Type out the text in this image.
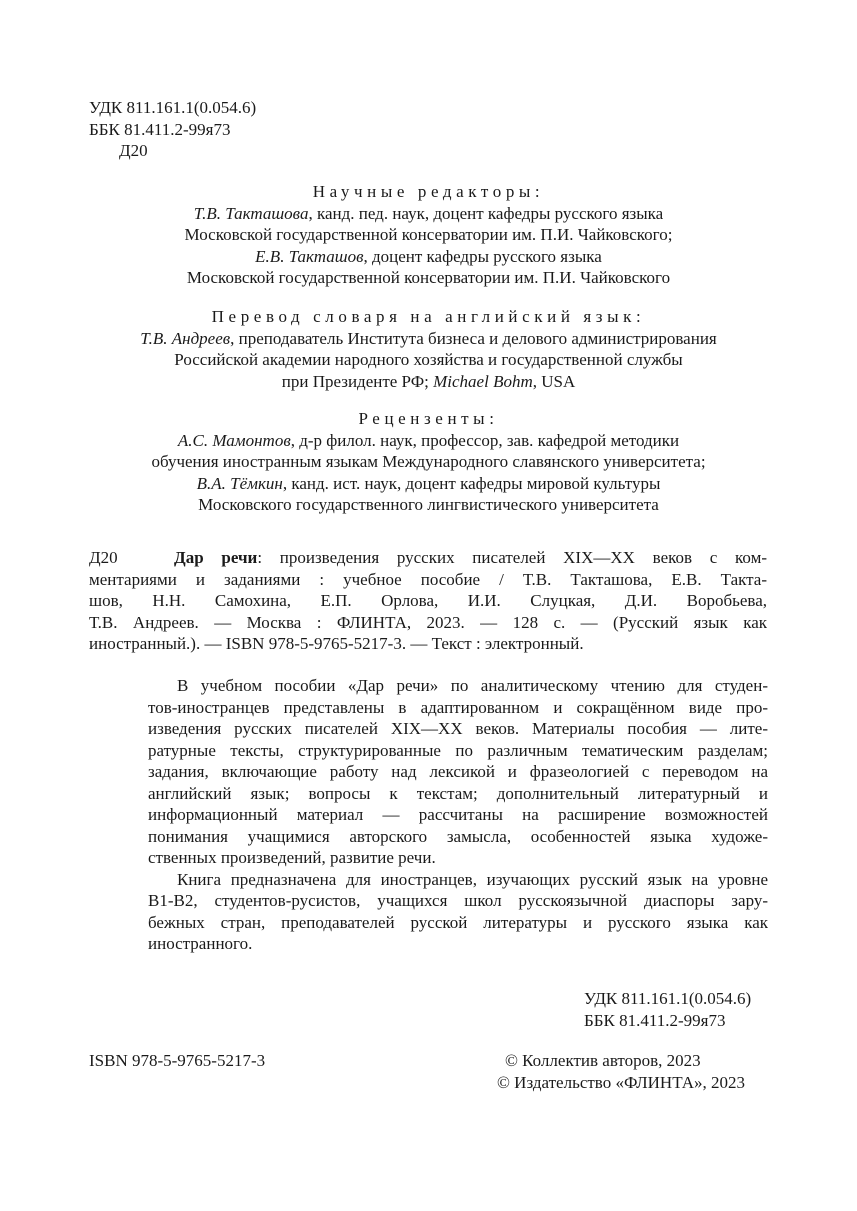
УДК 811.161.1(0.054.6)
ББК 81.411.2-99я73
Д20
Научные редакторы:
Т.В. Такташова, канд. пед. наук, доцент кафедры русского языка
Московской государственной консерватории им. П.И. Чайковского;
Е.В. Такташов, доцент кафедры русского языка
Московской государственной консерватории им. П.И. Чайковского
Перевод словаря на английский язык:
Т.В. Андреев, преподаватель Института бизнеса и делового администрирования
Российской академии народного хозяйства и государственной службы
при Президенте РФ; Michael Bohm, USA
Рецензенты:
А.С. Мамонтов, д-р филол. наук, профессор, зав. кафедрой методики
обучения иностранным языкам Международного славянского университета;
В.А. Тёмкин, канд. ист. наук, доцент кафедры мировой культуры
Московского государственного лингвистического университета
Д20	Дар речи: произведения русских писателей XIX—XX веков с ком-
ментариями и заданиями : учебное пособие / Т.В. Такташова, Е.В. Такта-
шов, Н.Н. Самохина, Е.П. Орлова, И.И. Слуцкая, Д.И. Воробьева,
Т.В. Андреев. — Москва : ФЛИНТА, 2023. — 128 с. — (Русский язык как
иностранный.). — ISBN 978-5-9765-5217-3. — Текст : электронный.
В учебном пособии «Дар речи» по аналитическому чтению для студен-
тов-иностранцев представлены в адаптированном и сокращённом виде про-
изведения русских писателей XIX—XX веков. Материалы пособия — лите-
ратурные тексты, структурированные по различным тематическим разделам;
задания, включающие работу над лексикой и фразеологией с переводом на
английский язык; вопросы к текстам; дополнительный литературный и
информационный материал — рассчитаны на расширение возможностей
понимания учащимися авторского замысла, особенностей языка художе-
ственных произведений, развитие речи.
Книга предназначена для иностранцев, изучающих русский язык на уровне
В1-В2, студентов-русистов, учащихся школ русскоязычной диаспоры зару-
бежных стран, преподавателей русской литературы и русского языка как
иностранного.
УДК 811.161.1(0.054.6)
ББК 81.411.2-99я73
ISBN 978-5-9765-5217-3	© Коллектив авторов, 2023
© Издательство «ФЛИНТА», 2023
